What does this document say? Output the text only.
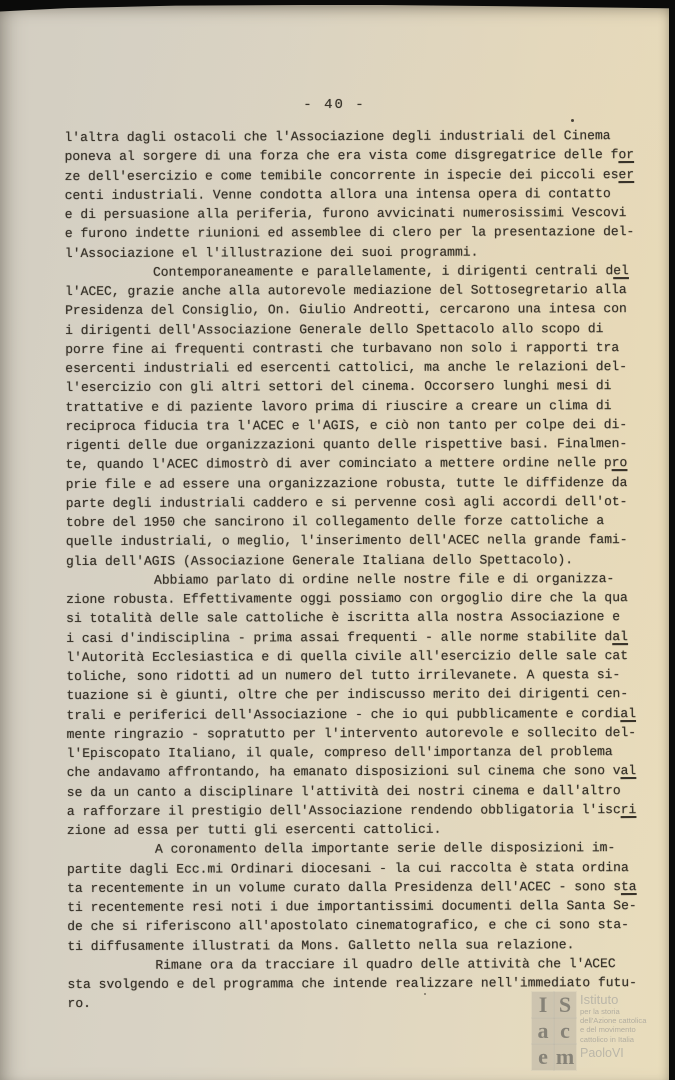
- 40 -
l'altra dagli ostacoli che l'Associazione degli industriali del Cinema
poneva al sorgere di una forza che era vista come disgregatrice delle for
ze dell'esercizio e come temibile concorrente in ispecie dei piccoli eser
centi industriali. Venne condotta allora una intensa opera di contatto
e di persuasione alla periferia, furono avvicinati numerosissimi Vescovi
e furono indette riunioni ed assemblee di clero per la presentazione del-
l'Associazione el l'illustrazione dei suoi programmi.
Contemporaneamente e parallelamente, i dirigenti centrali del
l'ACEC, grazie anche alla autorevole mediazione del Sottosegretario alla
Presidenza del Consiglio, On. Giulio Andreotti, cercarono una intesa con
i dirigenti dell'Associazione Generale dello Spettacolo allo scopo di
porre fine ai frequenti contrasti che turbavano non solo i rapporti tra
esercenti industriali ed esercenti cattolici, ma anche le relazioni del-
l'esercizio con gli altri settori del cinema. Occorsero lunghi mesi di
trattative e di paziente lavoro prima di riuscire a creare un clima di
reciproca fiducia tra l'ACEC e l'AGIS, e ciò non tanto per colpe dei di-
rigenti delle due organizzazioni quanto delle rispettive basi. Finalmen-
te, quando l'ACEC dimostrò di aver cominciato a mettere ordine nelle pro
prie file e ad essere una organizzazione robusta, tutte le diffidenze da
parte degli industriali caddero e si pervenne così agli accordi dell'ot-
tobre del 1950 che sancirono il collegamento delle forze cattoliche a
quelle industriali, o meglio, l'inserimento dell'ACEC nella grande fami-
glia dell'AGIS (Associazione Generale Italiana dello Spettacolo).
Abbiamo parlato di ordine nelle nostre file e di organizza-
zione robusta. Effettivamente oggi possiamo con orgoglio dire che la qua
si totalità delle sale cattoliche è iscritta alla nostra Associazione e
i casi d'indisciplina - prima assai frequenti - alle norme stabilite dal
l'Autorità Ecclesiastica e di quella civile all'esercizio delle sale cat
toliche, sono ridotti ad un numero del tutto irrilevanete. A questa si-
tuazione si è giunti, oltre che per indiscusso merito dei dirigenti cen-
trali e periferici dell'Associazione - che io qui pubblicamente e cordial
mente ringrazio - sopratutto per l'intervento autorevole e sollecito del-
l'Episcopato Italiano, il quale, compreso dell'importanza del problema
che andavamo affrontando, ha emanato disposizioni sul cinema che sono val
se da un canto a disciplinare l'attività dei nostri cinema e dall'altro
a rafforzare il prestigio dell'Associazione rendendo obbligatoria l'iscri
zione ad essa per tutti gli esercenti cattolici.
A coronamento della importante serie delle disposizioni im-
partite dagli Ecc.mi Ordinari diocesani - la cui raccolta è stata ordina
ta recentemente in un volume curato dalla Presidenza dell'ACEC - sono sta
ti recentemente resi noti i due importantissimi documenti della Santa Se-
de che si riferiscono all'apostolato cinematografico, e che ci sono sta-
ti diffusamente illustrati da Mons. Galletto nella sua relazione.
Rimane ora da tracciare il quadro delle attività che l'ACEC
sta svolgendo e del programma che intende realizzare nell'immediato futu-
ro.	I S
a c
e m
Istituto
per la storia
dell'Azione cattolica
e del movimento
cattolico in Italia
PaoloVI
